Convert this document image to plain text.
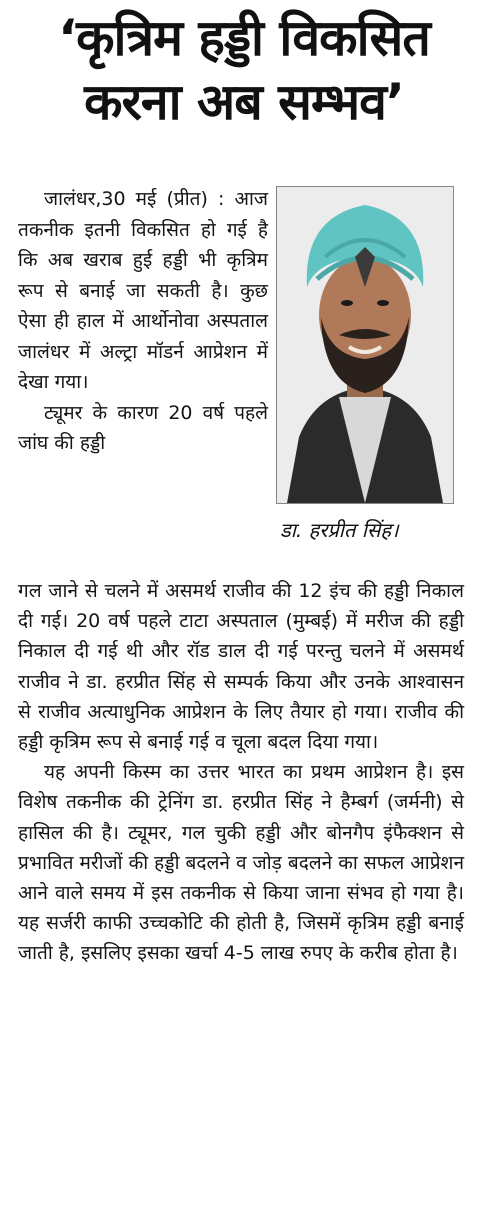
‘कृत्रिम हड्डी विकसित
करना अब सम्भव’

जालंधर,30 मई (प्रीत) : आज तकनीक इतनी विकसित हो गई है कि अब खराब हुई हड्डी भी कृत्रिम रूप से बनाई जा सकती है। कुछ ऐसा ही हाल में आर्थोनोवा अस्पताल जालंधर में अल्ट्रा मॉडर्न आप्रेशन में देखा गया।

ट्यूमर के कारण 20 वर्ष पहले जांघ की हड्डी

डा. हरप्रीत सिंह।

गल जाने से चलने में असमर्थ राजीव की 12 इंच की हड्डी निकाल दी गई। 20 वर्ष पहले टाटा अस्पताल (मुम्बई) में मरीज की हड्डी निकाल दी गई थी और रॉड डाल दी गई परन्तु चलने में असमर्थ राजीव ने डा. हरप्रीत सिंह से सम्पर्क किया और उनके आश्वासन से राजीव अत्याधुनिक आप्रेशन के लिए तैयार हो गया। राजीव की हड्डी कृत्रिम रूप से बनाई गई व चूला बदल दिया गया।

यह अपनी किस्म का उत्तर भारत का प्रथम आप्रेशन है। इस विशेष तकनीक की ट्रेनिंग डा. हरप्रीत सिंह ने हैम्बर्ग (जर्मनी) से हासिल की है। ट्यूमर, गल चुकी हड्डी और बोनगैप इंफैक्शन से प्रभावित मरीजों की हड्डी बदलने व जोड़ बदलने का सफल आप्रेशन आने वाले समय में इस तकनीक से किया जाना संभव हो गया है। यह सर्जरी काफी उच्चकोटि की होती है, जिसमें कृत्रिम हड्डी बनाई जाती है, इसलिए इसका खर्चा 4-5 लाख रुपए के करीब होता है।
